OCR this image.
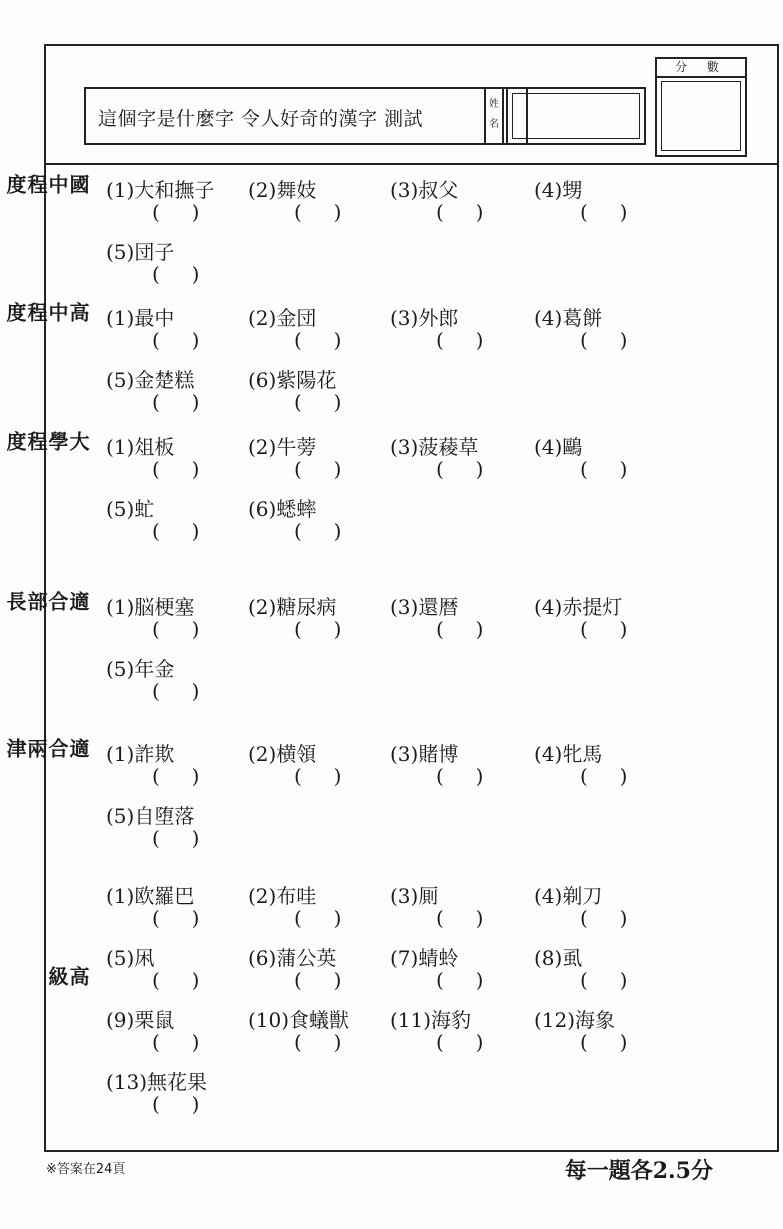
這個字是什麼字 令人好奇的漢字 測試
姓
名
分 數
國中程度	(1)大和撫子
(     )
(2)舞妓
(     )
(3)叔父
(     )
(4)甥
(     )
(5)団子
(     )
高中程度	(1)最中
(     )
(2)金団
(     )
(3)外郎
(     )
(4)葛餅
(     )
(5)金楚糕
(     )
(6)紫陽花
(     )
大學程度	(1)俎板
(     )
(2)牛蒡
(     )
(3)菠薐草
(     )
(4)鷗
(     )
(5)虻
(     )
(6)蟋蟀
(     )
適合部長	(1)脳梗塞
(     )
(2)糖尿病
(     )
(3)還暦
(     )
(4)赤提灯
(     )
(5)年金
(     )
適合兩津	(1)詐欺
(     )
(2)横領
(     )
(3)賭博
(     )
(4)牝馬
(     )
(5)自堕落
(     )
高級
(1)欧羅巴
(     )
(2)布哇
(     )
(3)厠
(     )
(4)剃刀
(     )
(5)凩
(     )
(6)蒲公英
(     )
(7)蜻蛉
(     )
(8)虱
(     )
(9)栗鼠
(     )
(10)食蟻獣
(     )
(11)海豹
(     )
(12)海象
(     )
(13)無花果
(     )
每一題各2.5分
※答案在24頁
